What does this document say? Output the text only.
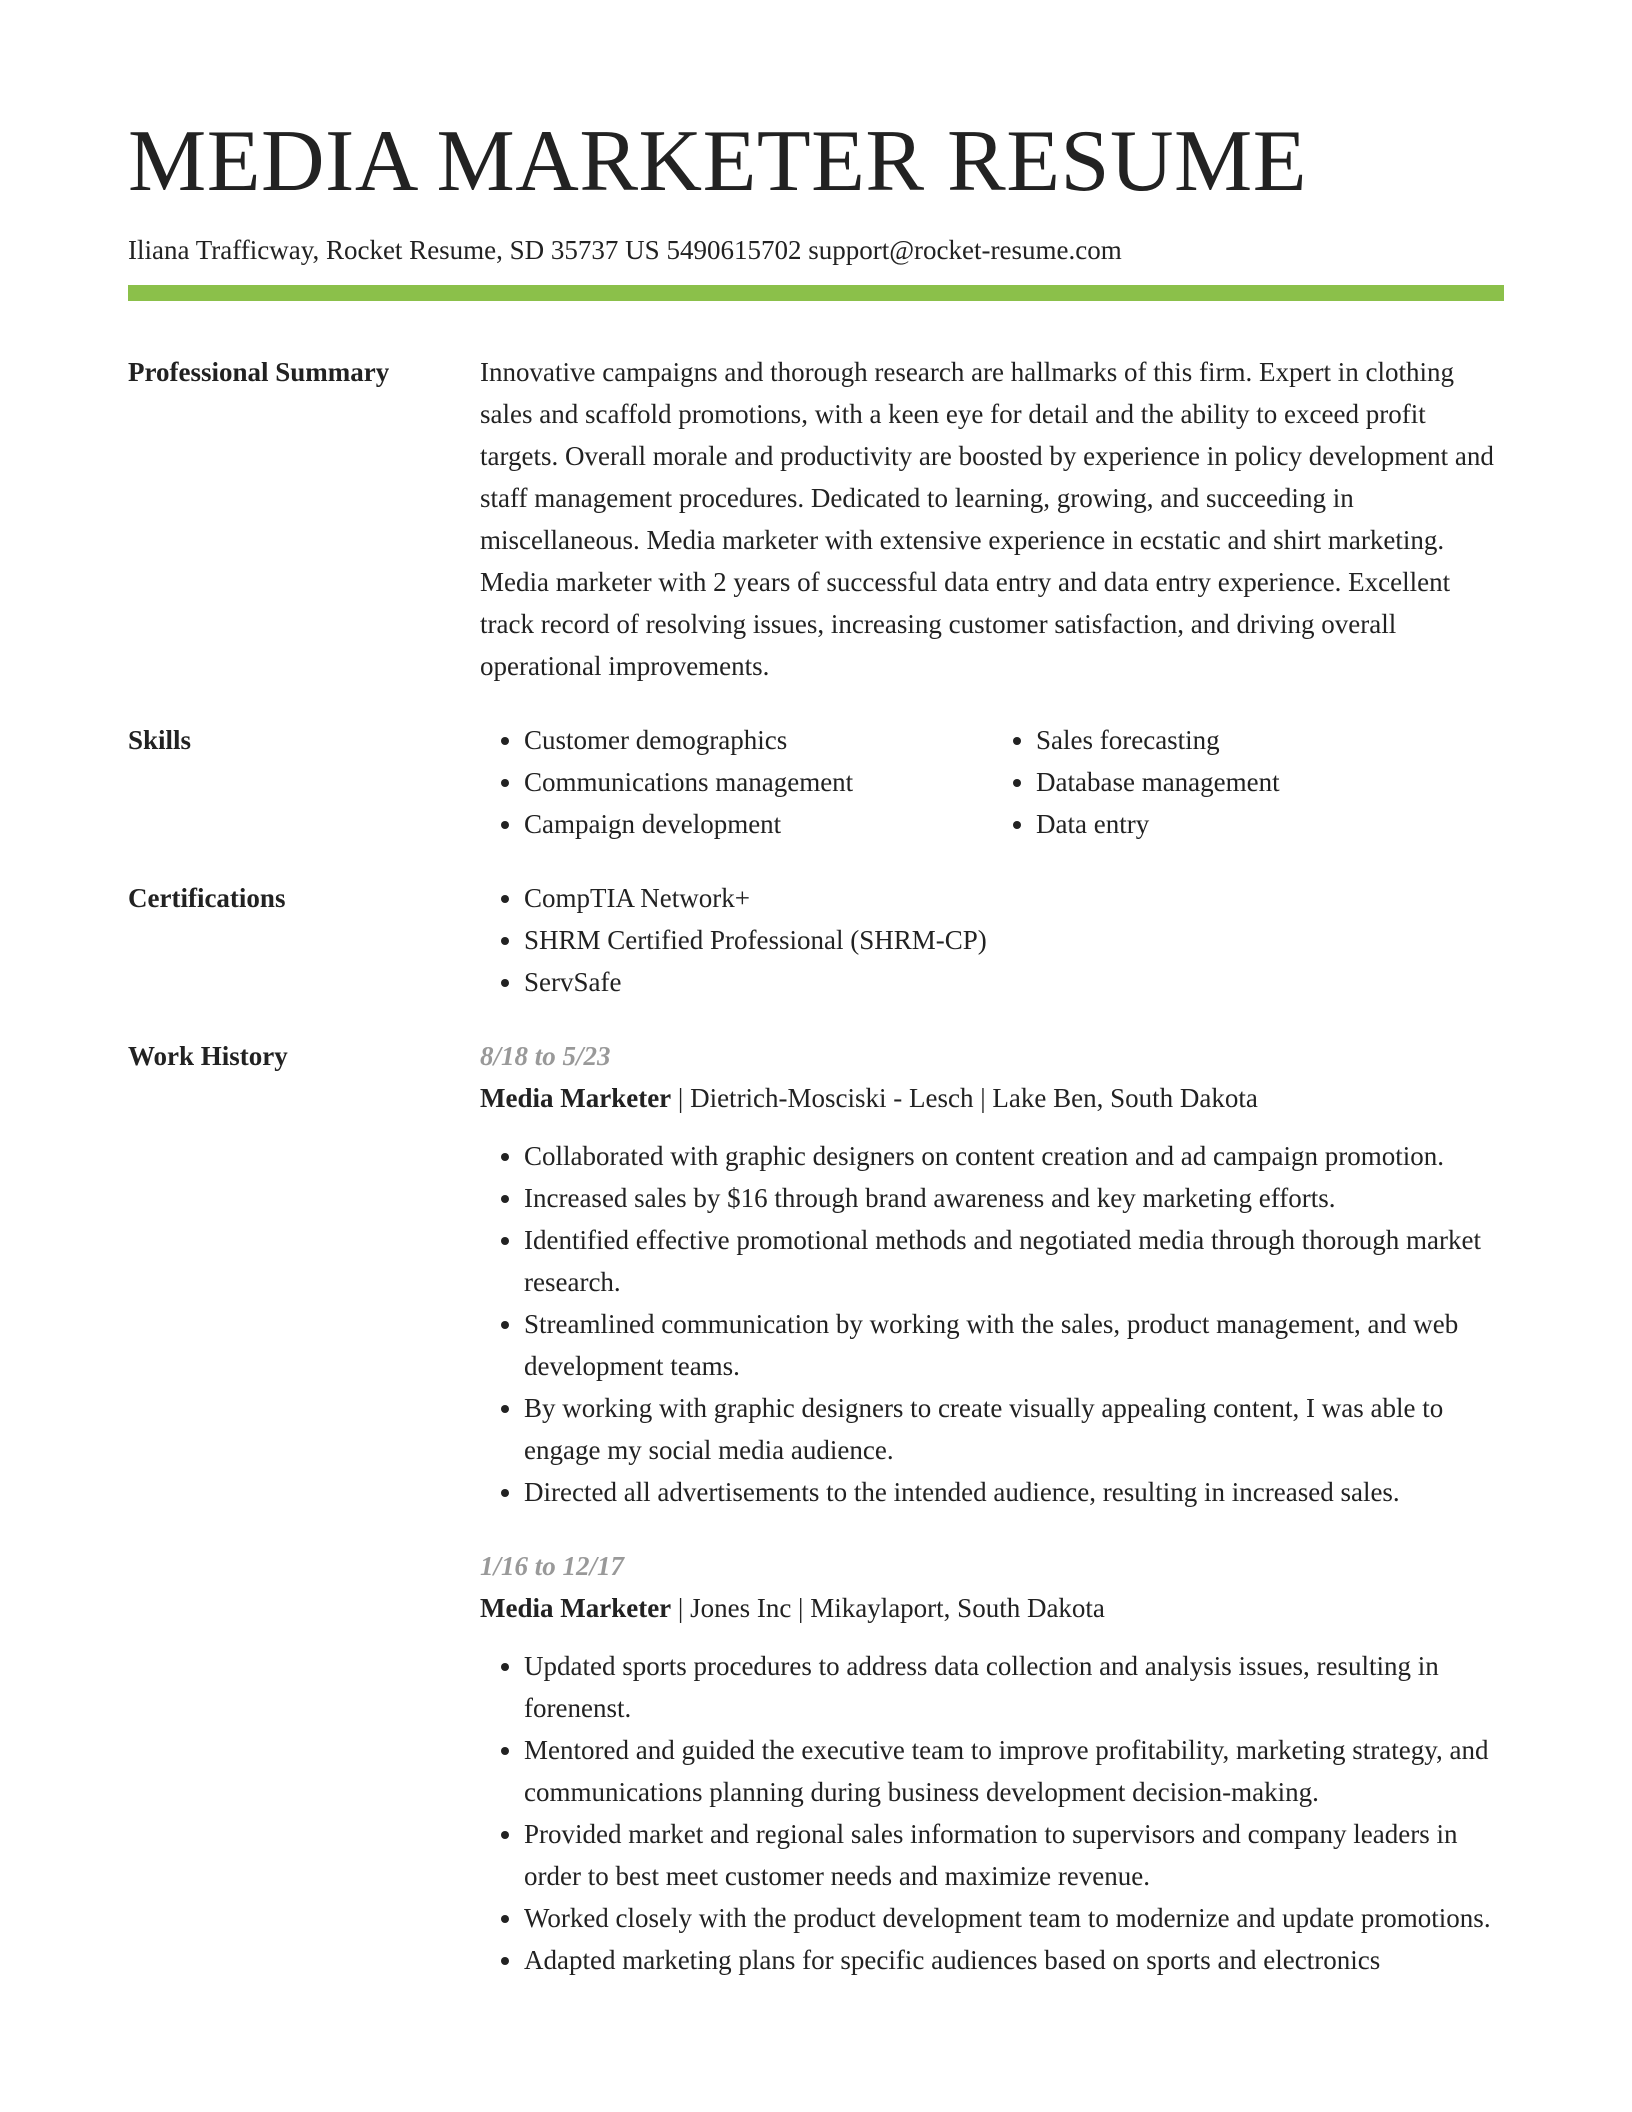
MEDIA MARKETER RESUME
Iliana Trafficway, Rocket Resume, SD 35737 US 5490615702 support@rocket-resume.com
Professional Summary	Innovative campaigns and thorough research are hallmarks of this firm. Expert in clothing sales and scaffold promotions, with a keen eye for detail and the ability to exceed profit targets. Overall morale and productivity are boosted by experience in policy development and staff management procedures. Dedicated to learning, growing, and succeeding in miscellaneous. Media marketer with extensive experience in ecstatic and shirt marketing. Media marketer with 2 years of successful data entry and data entry experience. Excellent track record of resolving issues, increasing customer satisfaction, and driving overall operational improvements.

Skills	• Customer demographics
• Communications management
• Campaign development
• Sales forecasting
• Database management
• Data entry
Certifications	• CompTIA Network+
• SHRM Certified Professional (SHRM-CP)
• ServSafe
Work History	8/18 to 5/23

Media Marketer | Dietrich-Mosciski - Lesch | Lake Ben, South Dakota

• Collaborated with graphic designers on content creation and ad campaign promotion.
• Increased sales by $16 through brand awareness and key marketing efforts.
• Identified effective promotional methods and negotiated media through thorough market research.
• Streamlined communication by working with the sales, product management, and web development teams.
• By working with graphic designers to create visually appealing content, I was able to engage my social media audience.
• Directed all advertisements to the intended audience, resulting in increased sales.

1/16 to 12/17

Media Marketer | Jones Inc | Mikaylaport, South Dakota

• Updated sports procedures to address data collection and analysis issues, resulting in forenenst.
• Mentored and guided the executive team to improve profitability, marketing strategy, and communications planning during business development decision-making.
• Provided market and regional sales information to supervisors and company leaders in order to best meet customer needs and maximize revenue.
• Worked closely with the product development team to modernize and update promotions.
• Adapted marketing plans for specific audiences based on sports and electronics
